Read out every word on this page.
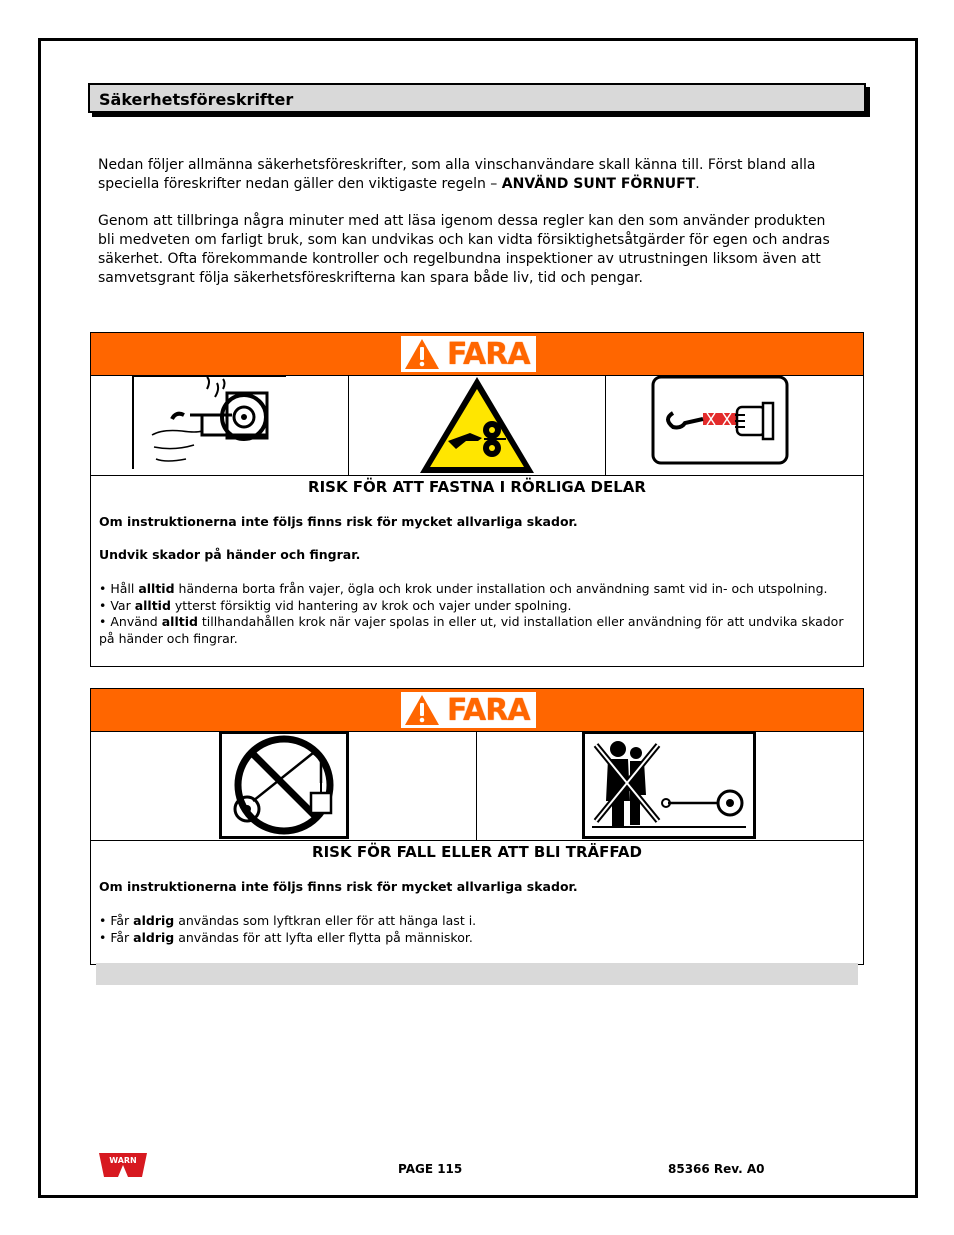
Säkerhetsföreskrifter

Nedan följer allmänna säkerhetsföreskrifter, som alla vinschanvändare skall känna till. Först bland alla speciella föreskrifter nedan gäller den viktigaste regeln – ANVÄND SUNT FÖRNUFT.

Genom att tillbringa några minuter med att läsa igenom dessa regler kan den som använder produkten bli medveten om farligt bruk, som kan undvikas och kan vidta försiktighetsåtgärder för egen och andras säkerhet. Ofta förekommande kontroller och regelbundna inspektioner av utrustningen liksom även att samvetsgrant följa säkerhetsföreskrifterna kan spara både liv, tid och pengar.

FARA
©1998 KCS, Inc. 800-748-0241 No. 131053-3
RISK FÖR ATT FASTNA I RÖRLIGA DELAR

Om instruktionerna inte följs finns risk för mycket allvarliga skador.

Undvik skador på händer och fingrar.

• Håll alltid händerna borta från vajer, ögla och krok under installation och användning samt vid in- och utspolning.

• Var alltid ytterst försiktig vid hantering av krok och vajer under spolning.

• Använd alltid tillhandahållen krok när vajer spolas in eller ut, vid installation eller användning för att undvika skador på händer och fingrar.

FARA
RISK FÖR FALL ELLER ATT BLI TRÄFFAD

Om instruktionerna inte följs finns risk för mycket allvarliga skador.

• Får aldrig användas som lyftkran eller för att hänga last i.

• Får aldrig användas för att lyfta eller flytta på människor.

WARN
PAGE 115	85366 Rev. A0
